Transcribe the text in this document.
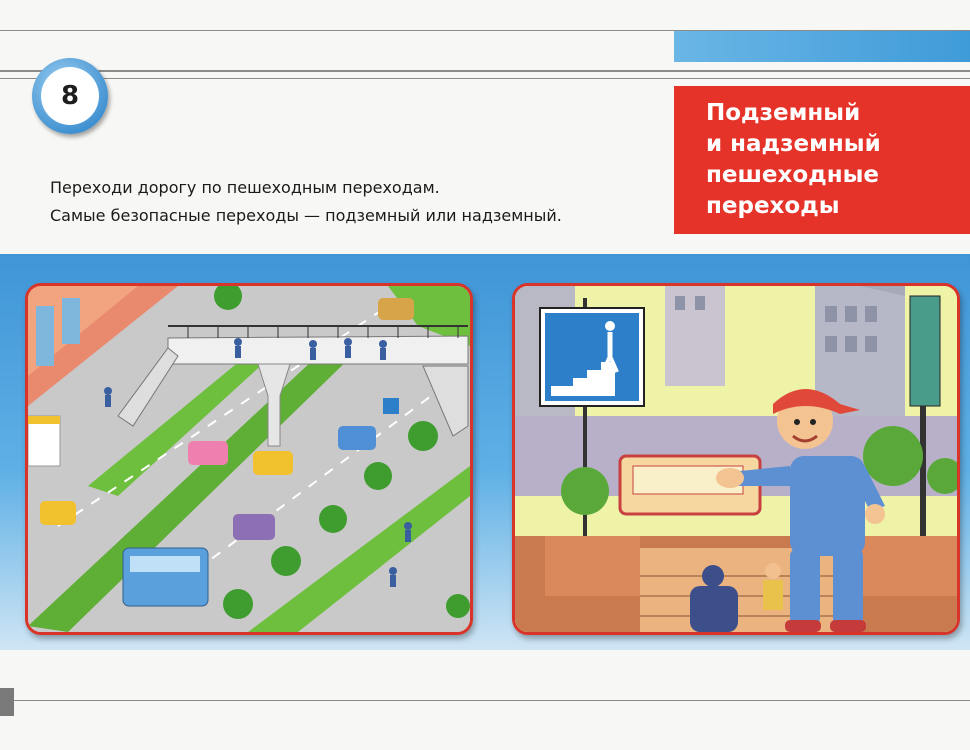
8
Подземный
и надземный
пешеходные
переходы
Переходи дорогу по пешеходным переходам.
Самые безопасные переходы — подземный или надземный.
